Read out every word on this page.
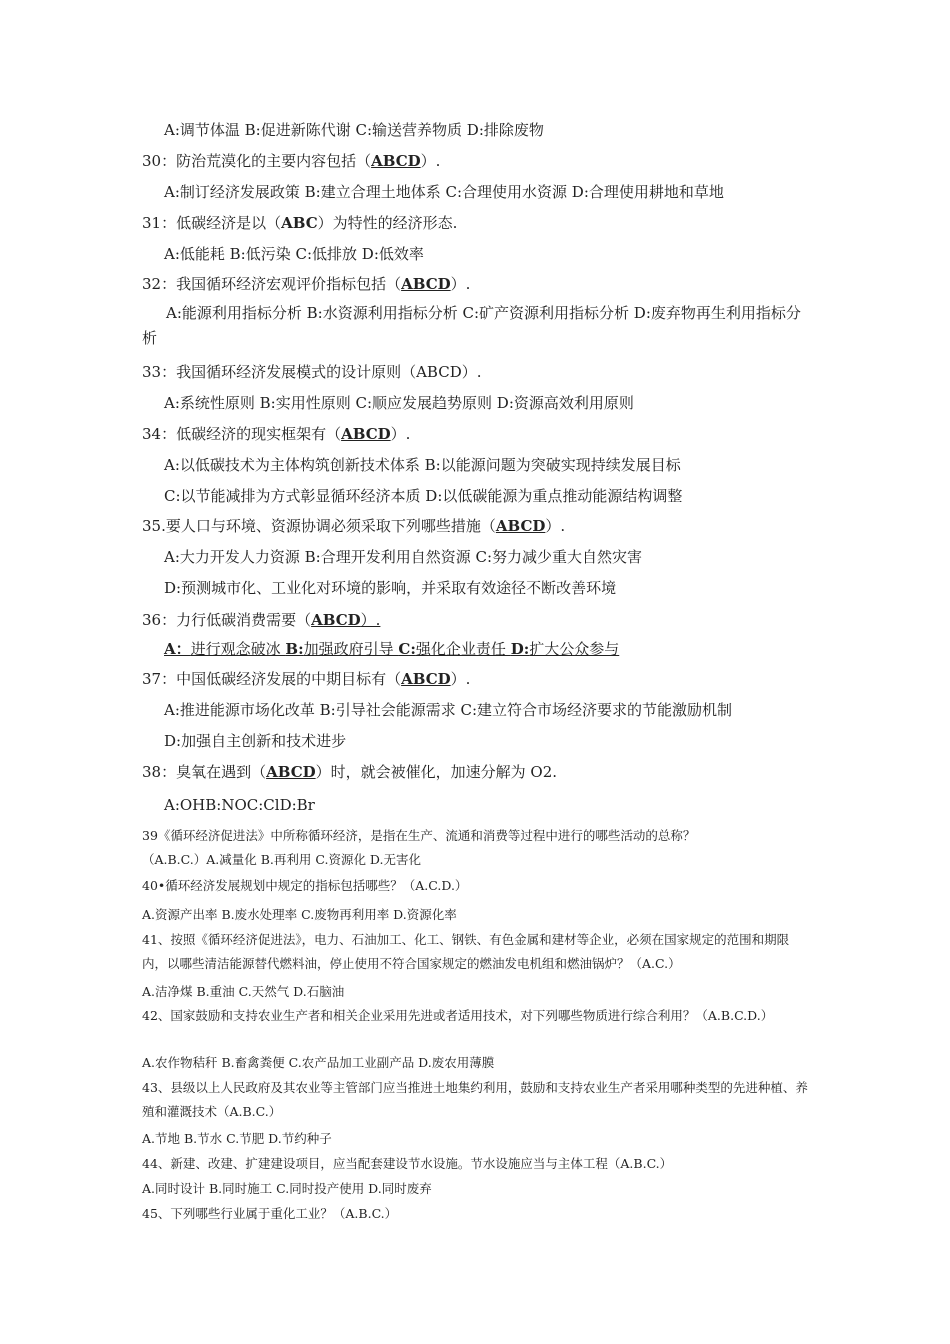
A:调节体温 B:促进新陈代谢 C:输送营养物质 D:排除废物

30：防治荒漠化的主要内容包括（ABCD）.

A:制订经济发展政策 B:建立合理土地体系 C:合理使用水资源 D:合理使用耕地和草地

31：低碳经济是以（ABC）为特性的经济形态.

A:低能耗 B:低污染 C:低排放 D:低效率

32：我国循环经济宏观评价指标包括（ABCD）.

A:能源利用指标分析 B:水资源利用指标分析 C:矿产资源利用指标分析 D:废弃物再生利用指标分析

33：我国循环经济发展模式的设计原则（ABCD）.

A:系统性原则 B:实用性原则 C:顺应发展趋势原则 D:资源高效利用原则

34：低碳经济的现实框架有（ABCD）.

A:以低碳技术为主体构筑创新技术体系 B:以能源问题为突破实现持续发展目标

C:以节能减排为方式彰显循环经济本质 D:以低碳能源为重点推动能源结构调整

35.要人口与环境、资源协调必须采取下列哪些措施（ABCD）.

A:大力开发人力资源 B:合理开发利用自然资源 C:努力减少重大自然灾害

D:预测城市化、工业化对环境的影响，并采取有效途径不断改善环境

36：力行低碳消费需要（ABCD）.

A：进行观念破冰 B:加强政府引导 C:强化企业责任 D:扩大公众参与

37：中国低碳经济发展的中期目标有（ABCD）.

A:推进能源市场化改革 B:引导社会能源需求 C:建立符合市场经济要求的节能激励机制

D:加强自主创新和技术进步

38：臭氧在遇到（ABCD）时，就会被催化，加速分解为 O2.

A:OHB:NOC:ClD:Br

39《循环经济促进法》中所称循环经济，是指在生产、流通和消费等过程中进行的哪些活动的总称？

（A.B.C.）A.减量化 B.再利用 C.资源化 D.无害化

40•循环经济发展规划中规定的指标包括哪些？（A.C.D.）

A.资源产出率 B.废水处理率 C.废物再利用率 D.资源化率

41、按照《循环经济促进法》，电力、石油加工、化工、钢铁、有色金属和建材等企业，必须在国家规定的范围和期限内，以哪些清洁能源替代燃料油，停止使用不符合国家规定的燃油发电机组和燃油锅炉？（A.C.）

A.洁净煤 B.重油 C.天然气 D.石脑油

42、国家鼓励和支持农业生产者和相关企业采用先进或者适用技术，对下列哪些物质进行综合利用？（A.B.C.D.）

A.农作物秸秆 B.畜禽粪便 C.农产品加工业副产品 D.废农用薄膜

43、县级以上人民政府及其农业等主管部门应当推进土地集约利用，鼓励和支持农业生产者采用哪种类型的先进种植、养殖和灌溉技术（A.B.C.）

A.节地 B.节水 C.节肥 D.节约种子

44、新建、改建、扩建建设项目，应当配套建设节水设施。节水设施应当与主体工程（A.B.C.）

A.同时设计 B.同时施工 C.同时投产使用 D.同时废弃

45、下列哪些行业属于重化工业？（A.B.C.）
